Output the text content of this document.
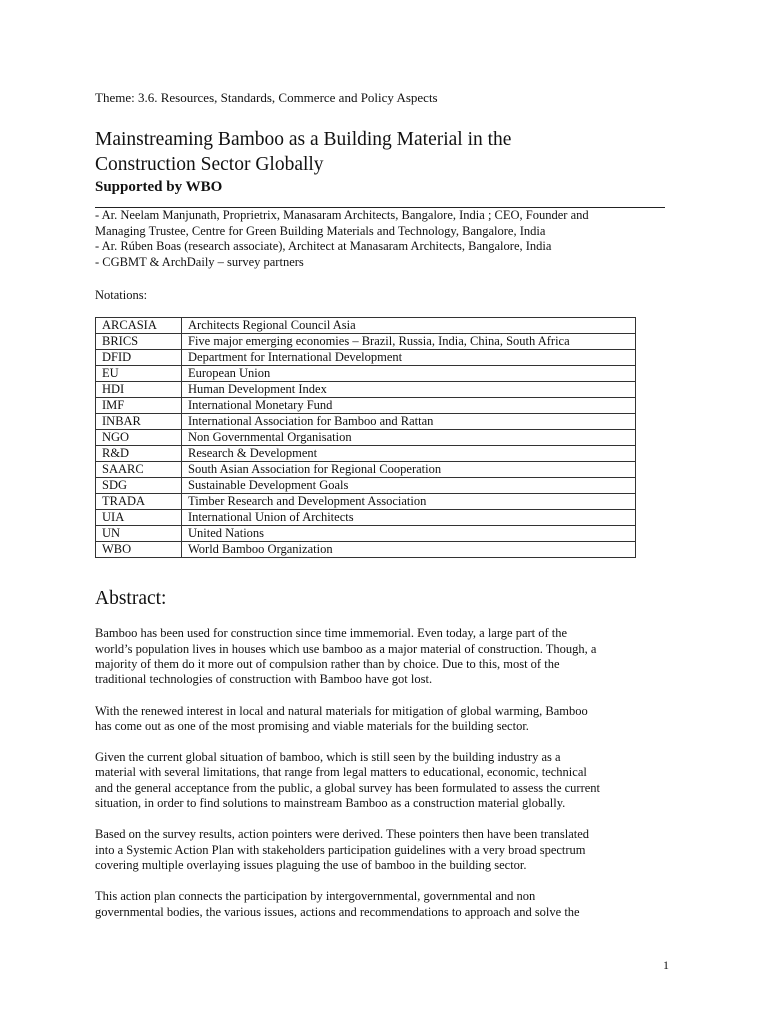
Theme: 3.6. Resources, Standards, Commerce and Policy Aspects

Mainstreaming Bamboo as a Building Material in the
Construction Sector Globally

Supported by WBO

- Ar. Neelam Manjunath, Proprietrix, Manasaram Architects, Bangalore, India ; CEO, Founder and
Managing Trustee, Centre for Green Building Materials and Technology, Bangalore, India
- Ar. Rúben Boas (research associate), Architect at Manasaram Architects, Bangalore, India
- CGBMT & ArchDaily – survey partners

Notations:

ARCASIA	Architects Regional Council Asia
BRICS	Five major emerging economies – Brazil, Russia, India, China, South Africa
DFID	Department for International Development
EU	European Union
HDI	Human Development Index
IMF	International Monetary Fund
INBAR	International Association for Bamboo and Rattan
NGO	Non Governmental Organisation
R&D	Research & Development
SAARC	South Asian Association for Regional Cooperation
SDG	Sustainable Development Goals
TRADA	Timber Research and Development Association
UIA	International Union of Architects
UN	United Nations
WBO	World Bamboo Organization
Abstract:

Bamboo has been used for construction since time immemorial. Even today, a large part of the
world’s population lives in houses which use bamboo as a major material of construction. Though, a
majority of them do it more out of compulsion rather than by choice. Due to this, most of the
traditional technologies of construction with Bamboo have got lost.

With the renewed interest in local and natural materials for mitigation of global warming, Bamboo
has come out as one of the most promising and viable materials for the building sector.

Given the current global situation of bamboo, which is still seen by the building industry as a
material with several limitations, that range from legal matters to educational, economic, technical
and the general acceptance from the public, a global survey has been formulated to assess the current
situation, in order to find solutions to mainstream Bamboo as a construction material globally.

Based on the survey results, action pointers were derived. These pointers then have been translated
into a Systemic Action Plan with stakeholders participation guidelines with a very broad spectrum
covering multiple overlaying issues plaguing the use of bamboo in the building sector.

This action plan connects the participation by intergovernmental, governmental and non
governmental bodies, the various issues, actions and recommendations to approach and solve the

1
